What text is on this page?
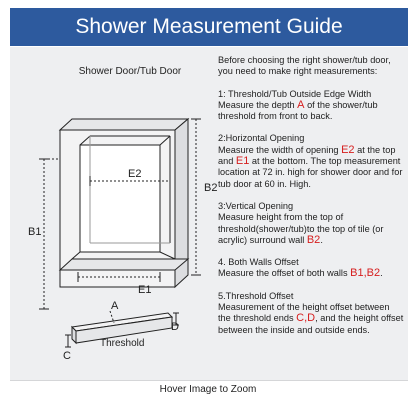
Shower Measurement Guide
Shower Door/Tub Door
B2
B1
E2
E1
A
C
D
Threshold

Before choosing the right shower/tub door, you need to make right measurements:

1: Threshold/Tub Outside Edge Width
Measure the depth A of the shower/tub threshold from front to back.

2:Horizontal Opening
Measure the width of opening E2 at the top and E1 at the bottom. The top measurement location at 72 in. high for shower door and for tub door at 60 in. High.

3:Vertical Opening
Measure height from the top of threshold(shower/tub)to the top of tile (or acrylic) surround wall B2.

4. Both Walls Offset
Measure the offset of both walls B1,B2.

5.Threshold Offset
Measurement of the height offset between the threshold ends C,D, and the height offset between the inside and outside ends.

Hover Image to Zoom
